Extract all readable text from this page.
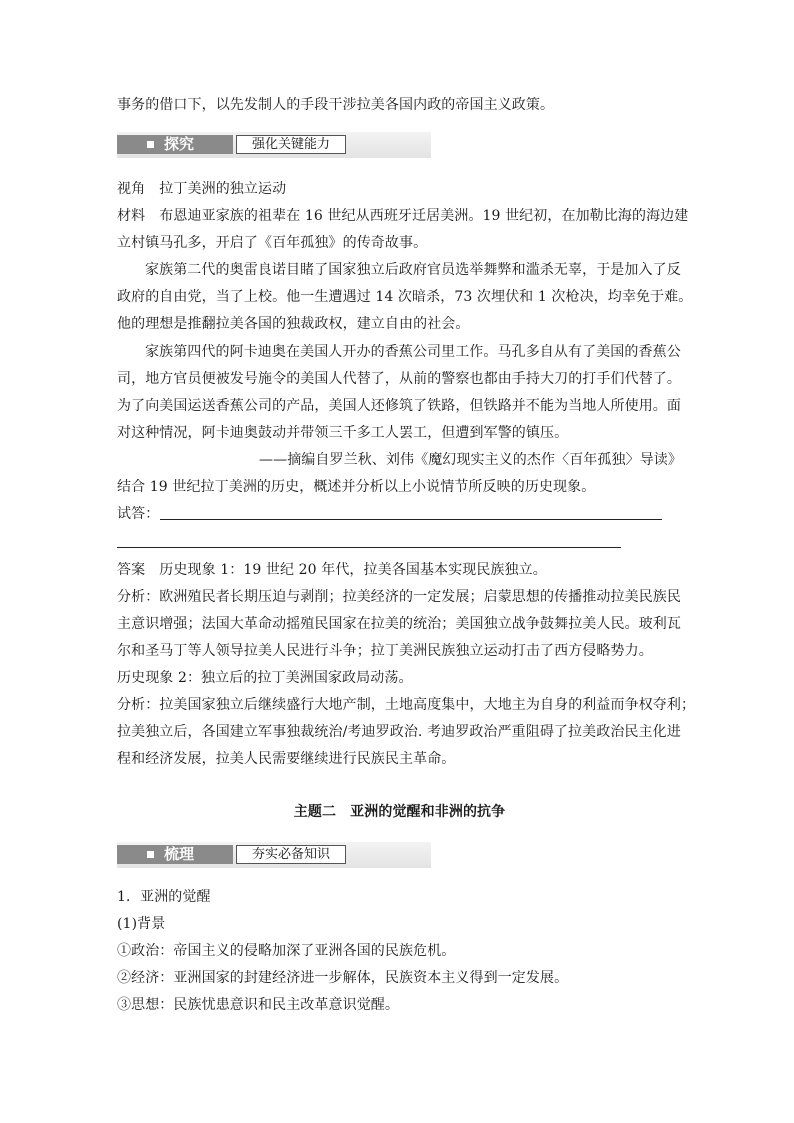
事务的借口下，以先发制人的手段干涉拉美各国内政的帝国主义政策。
探究	强化关键能力
视角　拉丁美洲的独立运动
材料　布恩迪亚家族的祖辈在 16 世纪从西班牙迁居美洲。19 世纪初，在加勒比海的海边建
立村镇马孔多，开启了《百年孤独》的传奇故事。
家族第二代的奥雷良诺目睹了国家独立后政府官员选举舞弊和滥杀无辜，于是加入了反
政府的自由党，当了上校。他一生遭遇过 14 次暗杀，73 次埋伏和 1 次枪决，均幸免于难。
他的理想是推翻拉美各国的独裁政权，建立自由的社会。
家族第四代的阿卡迪奥在美国人开办的香蕉公司里工作。马孔多自从有了美国的香蕉公
司，地方官员便被发号施令的美国人代替了，从前的警察也都由手持大刀的打手们代替了。
为了向美国运送香蕉公司的产品，美国人还修筑了铁路，但铁路并不能为当地人所使用。面
对这种情况，阿卡迪奥鼓动并带领三千多工人罢工，但遭到军警的镇压。
——摘编自罗兰秋、刘伟《魔幻现实主义的杰作〈百年孤独〉导读》
结合 19 世纪拉丁美洲的历史，概述并分析以上小说情节所反映的历史现象。
试答：
答案　历史现象 1：19 世纪 20 年代，拉美各国基本实现民族独立。
分析：欧洲殖民者长期压迫与剥削；拉美经济的一定发展；启蒙思想的传播推动拉美民族民
主意识增强；法国大革命动摇殖民国家在拉美的统治；美国独立战争鼓舞拉美人民。玻利瓦
尔和圣马丁等人领导拉美人民进行斗争；拉丁美洲民族独立运动打击了西方侵略势力。
历史现象 2：独立后的拉丁美洲国家政局动荡。
分析：拉美国家独立后继续盛行大地产制，土地高度集中，大地主为自身的利益而争权夺利；
拉美独立后，各国建立军事独裁统治/考迪罗政治. 考迪罗政治严重阻碍了拉美政治民主化进
程和经济发展，拉美人民需要继续进行民族民主革命。
主题二　亚洲的觉醒和非洲的抗争
梳理	夯实必备知识
1．亚洲的觉醒
(1)背景
①政治：帝国主义的侵略加深了亚洲各国的民族危机。
②经济：亚洲国家的封建经济进一步解体，民族资本主义得到一定发展。
③思想：民族忧患意识和民主改革意识觉醒。
